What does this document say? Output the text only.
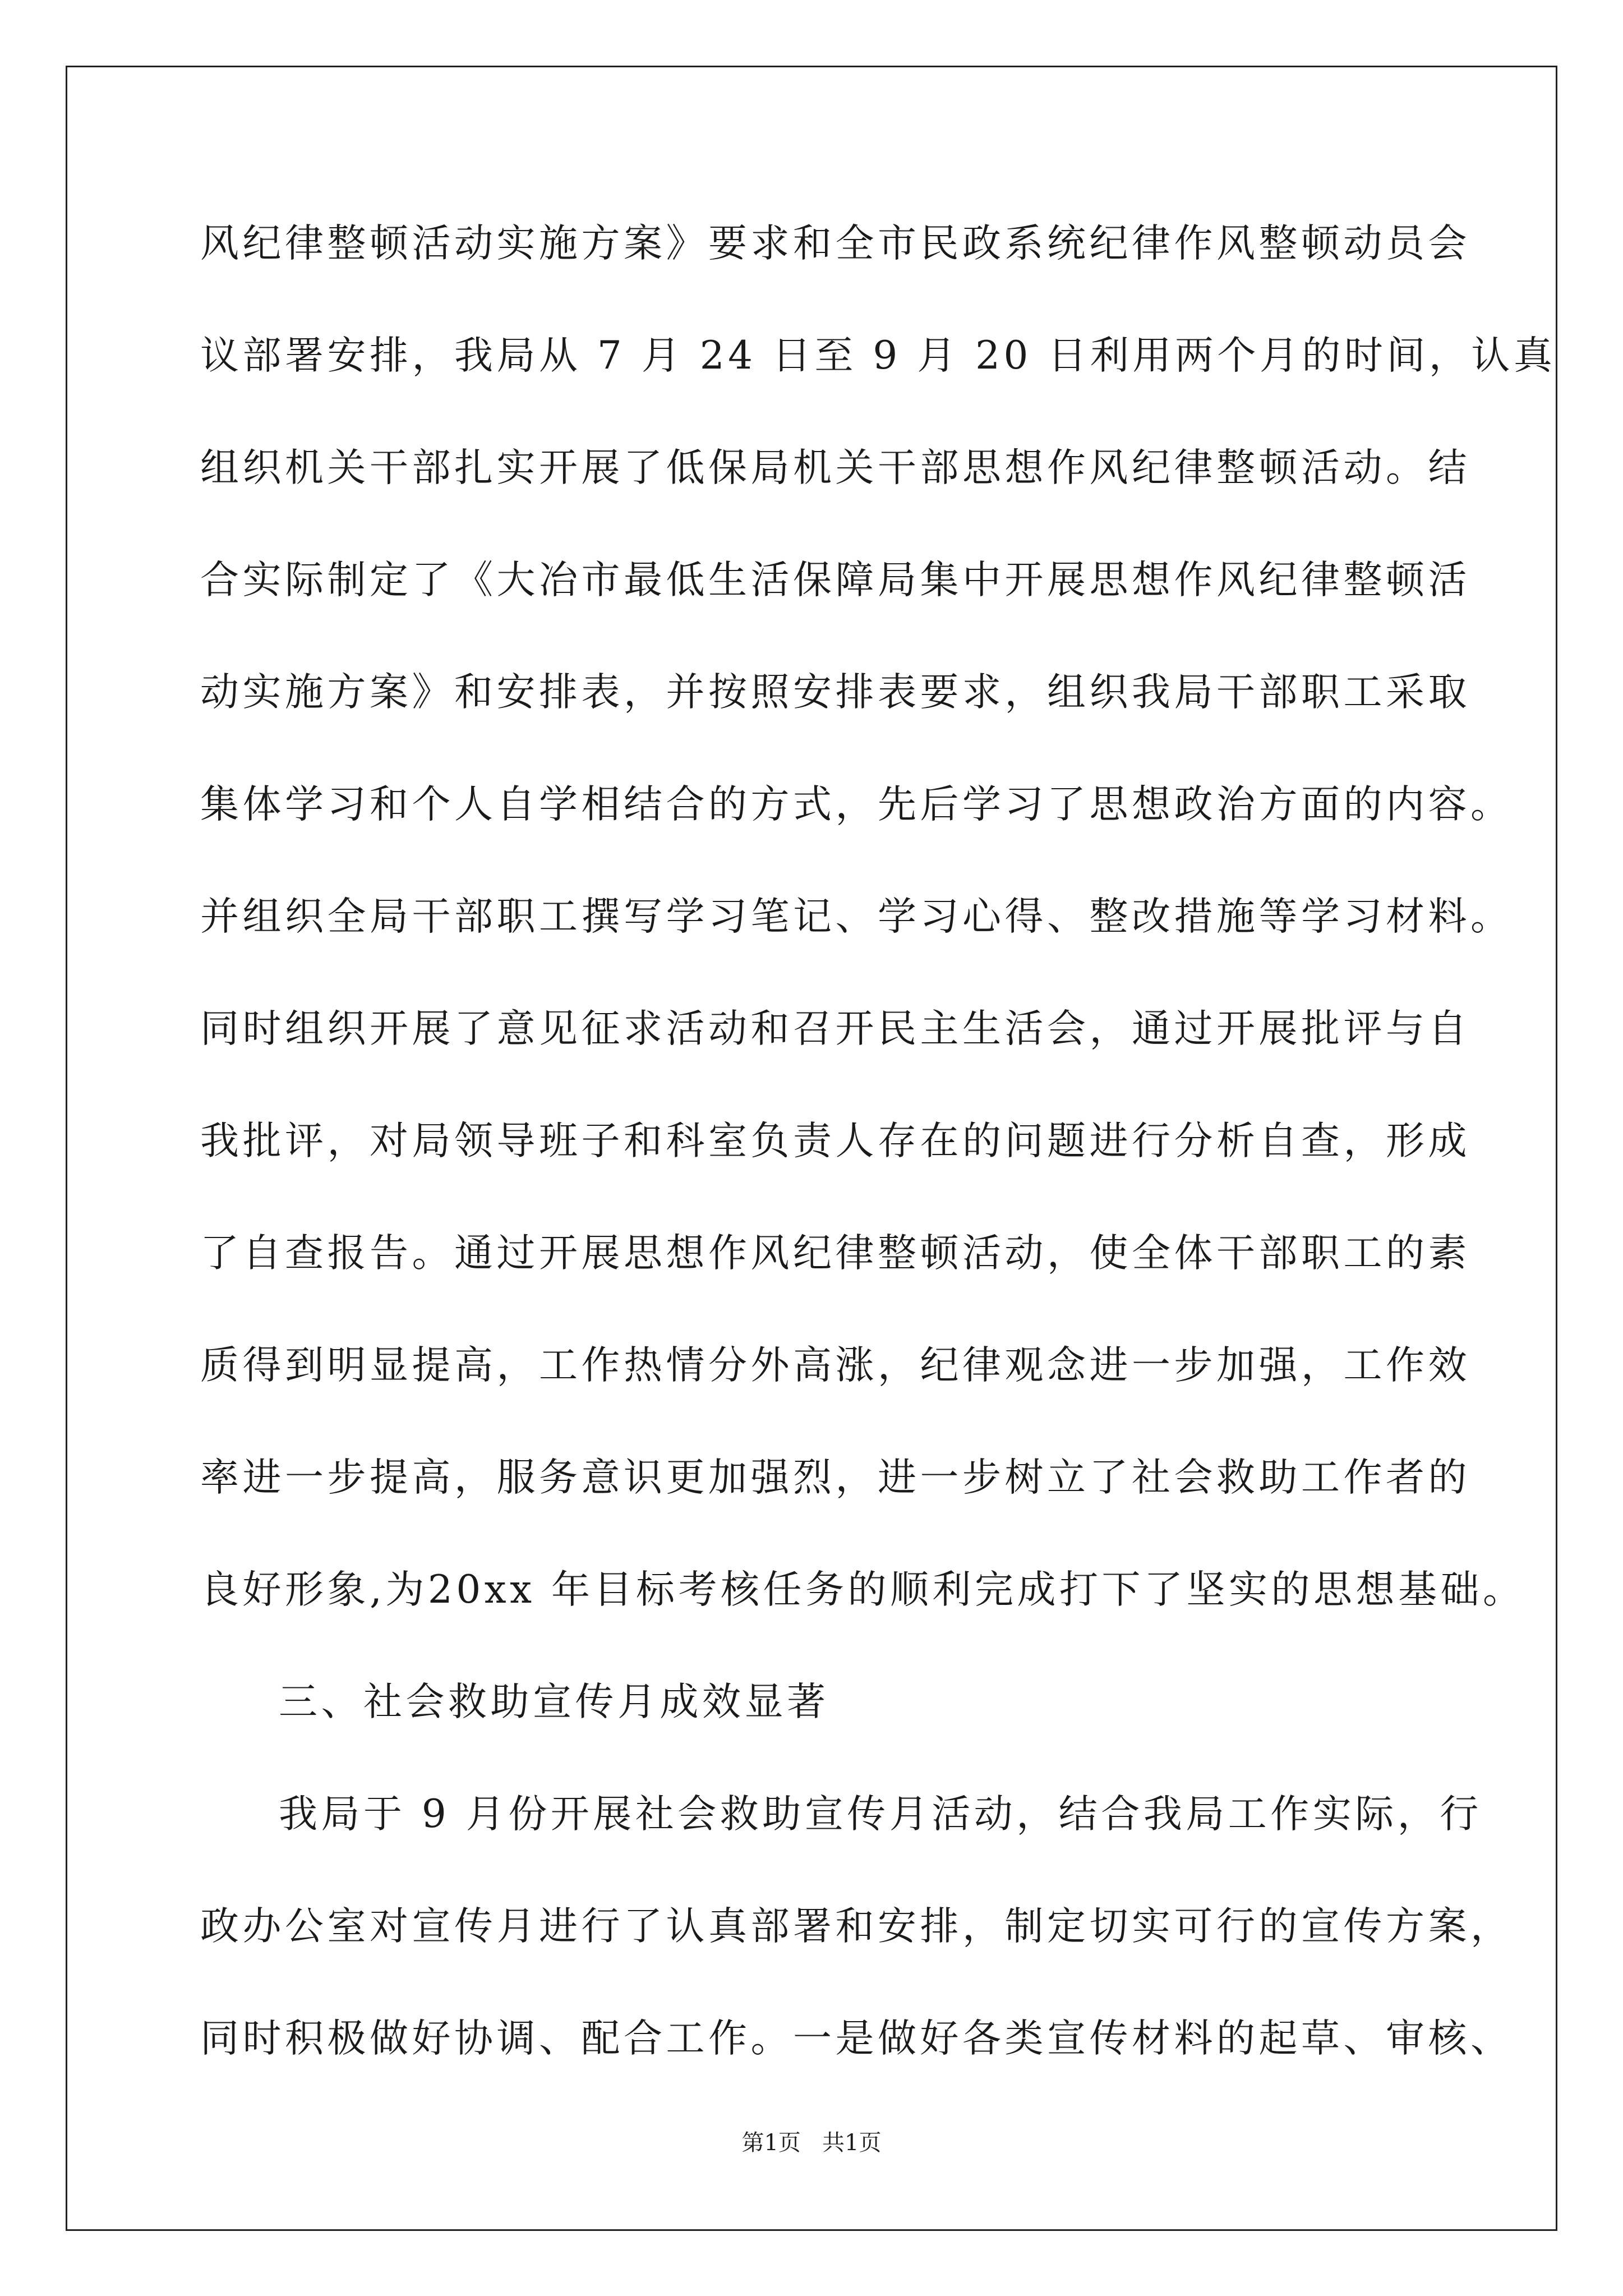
风纪律整顿活动实施方案》要求和全市民政系统纪律作风整顿动员会
议部署安排，我局从 7 月 24 日至 9 月 20 日利用两个月的时间，认真
组织机关干部扎实开展了低保局机关干部思想作风纪律整顿活动。结
合实际制定了《大冶市最低生活保障局集中开展思想作风纪律整顿活
动实施方案》和安排表，并按照安排表要求，组织我局干部职工采取
集体学习和个人自学相结合的方式，先后学习了思想政治方面的内容。
并组织全局干部职工撰写学习笔记、学习心得、整改措施等学习材料。
同时组织开展了意见征求活动和召开民主生活会，通过开展批评与自
我批评，对局领导班子和科室负责人存在的问题进行分析自查，形成
了自查报告。通过开展思想作风纪律整顿活动，使全体干部职工的素
质得到明显提高，工作热情分外高涨，纪律观念进一步加强，工作效
率进一步提高，服务意识更加强烈，进一步树立了社会救助工作者的
良好形象,为20xx 年目标考核任务的顺利完成打下了坚实的思想基础。
三、社会救助宣传月成效显著
我局于 9 月份开展社会救助宣传月活动，结合我局工作实际，行
政办公室对宣传月进行了认真部署和安排，制定切实可行的宣传方案，
同时积极做好协调、配合工作。一是做好各类宣传材料的起草、审核、
第1页   共1页
